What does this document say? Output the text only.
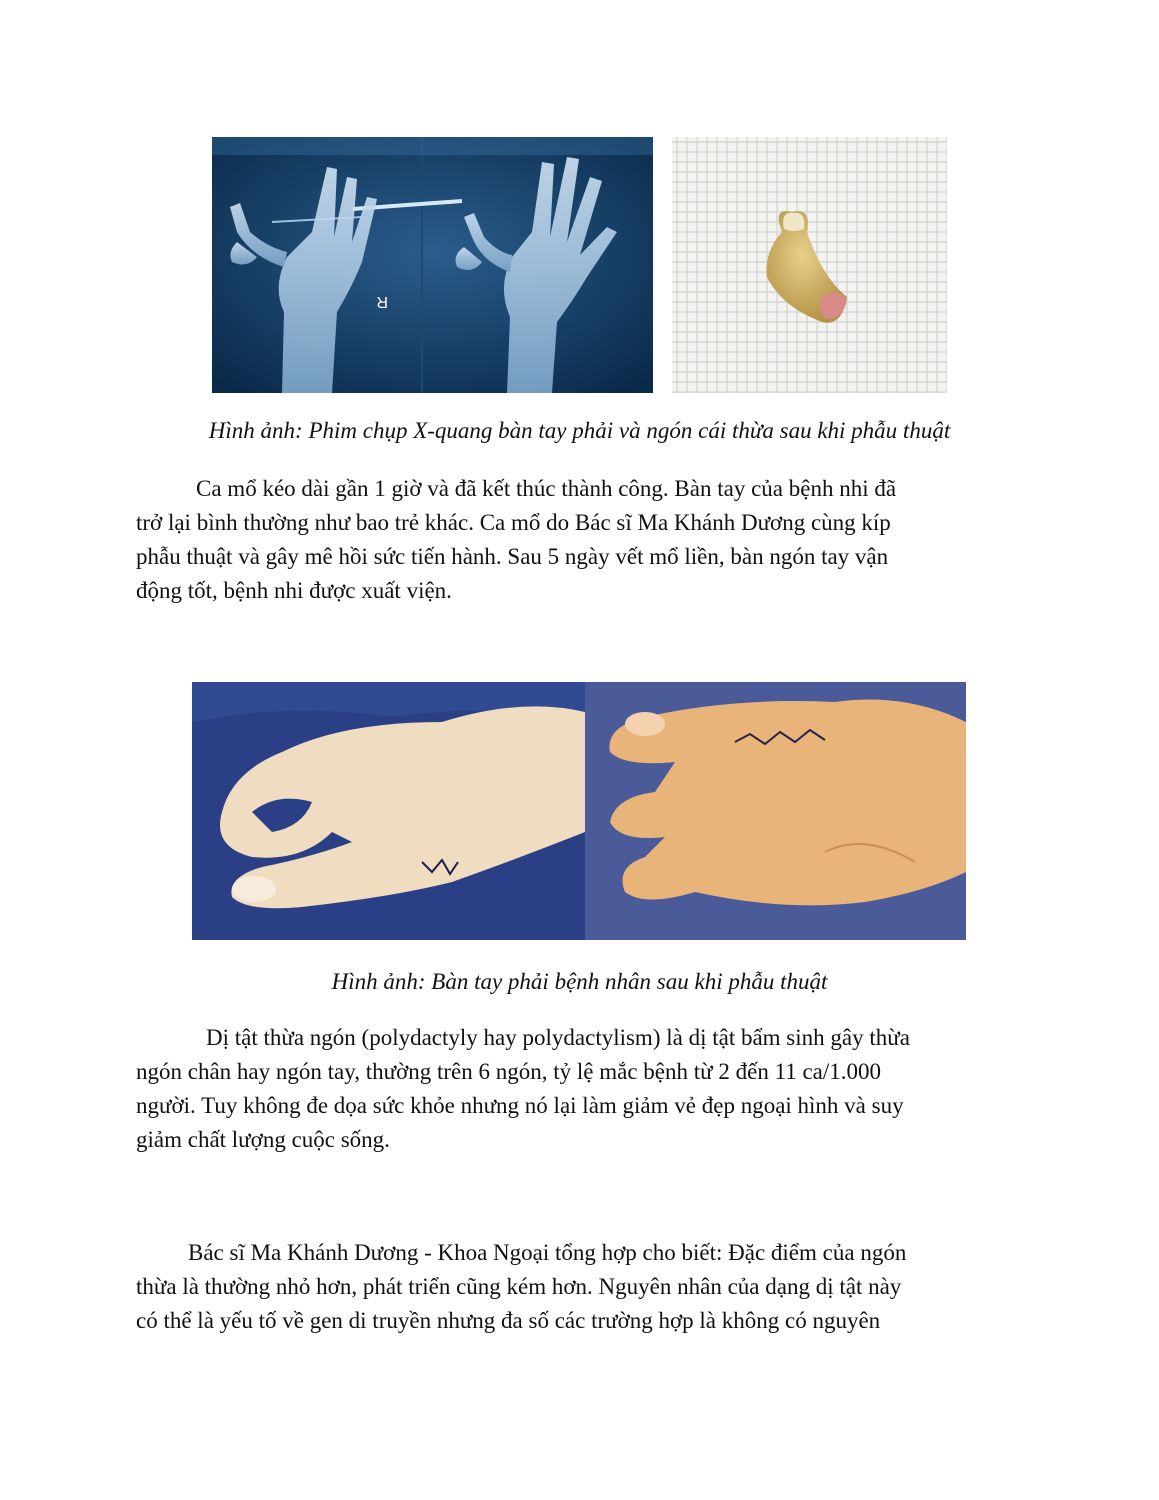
R
Hình ảnh: Phim chụp X-quang bàn tay phải và ngón cái thừa sau khi phẫu thuật
Ca mổ kéo dài gần 1 giờ và đã kết thúc thành công. Bàn tay của bệnh nhi đã
trở lại bình thường như bao trẻ khác. Ca mổ do Bác sĩ Ma Khánh Dương cùng kíp
phẫu thuật và gây mê hồi sức tiến hành. Sau 5 ngày vết mổ liền, bàn ngón tay vận
động tốt, bệnh nhi được xuất viện.
Hình ảnh: Bàn tay phải bệnh nhân sau khi phẫu thuật
Dị tật thừa ngón (polydactyly hay polydactylism) là dị tật bẩm sinh gây thừa
ngón chân hay ngón tay, thường trên 6 ngón, tỷ lệ mắc bệnh từ 2 đến 11 ca/1.000
người. Tuy không đe dọa sức khỏe nhưng nó lại làm giảm vẻ đẹp ngoại hình và suy
giảm chất lượng cuộc sống.
Bác sĩ Ma Khánh Dương - Khoa Ngoại tổng hợp cho biết: Đặc điểm của ngón
thừa là thường nhỏ hơn, phát triển cũng kém hơn. Nguyên nhân của dạng dị tật này
có thể là yếu tố về gen di truyền nhưng đa số các trường hợp là không có nguyên
